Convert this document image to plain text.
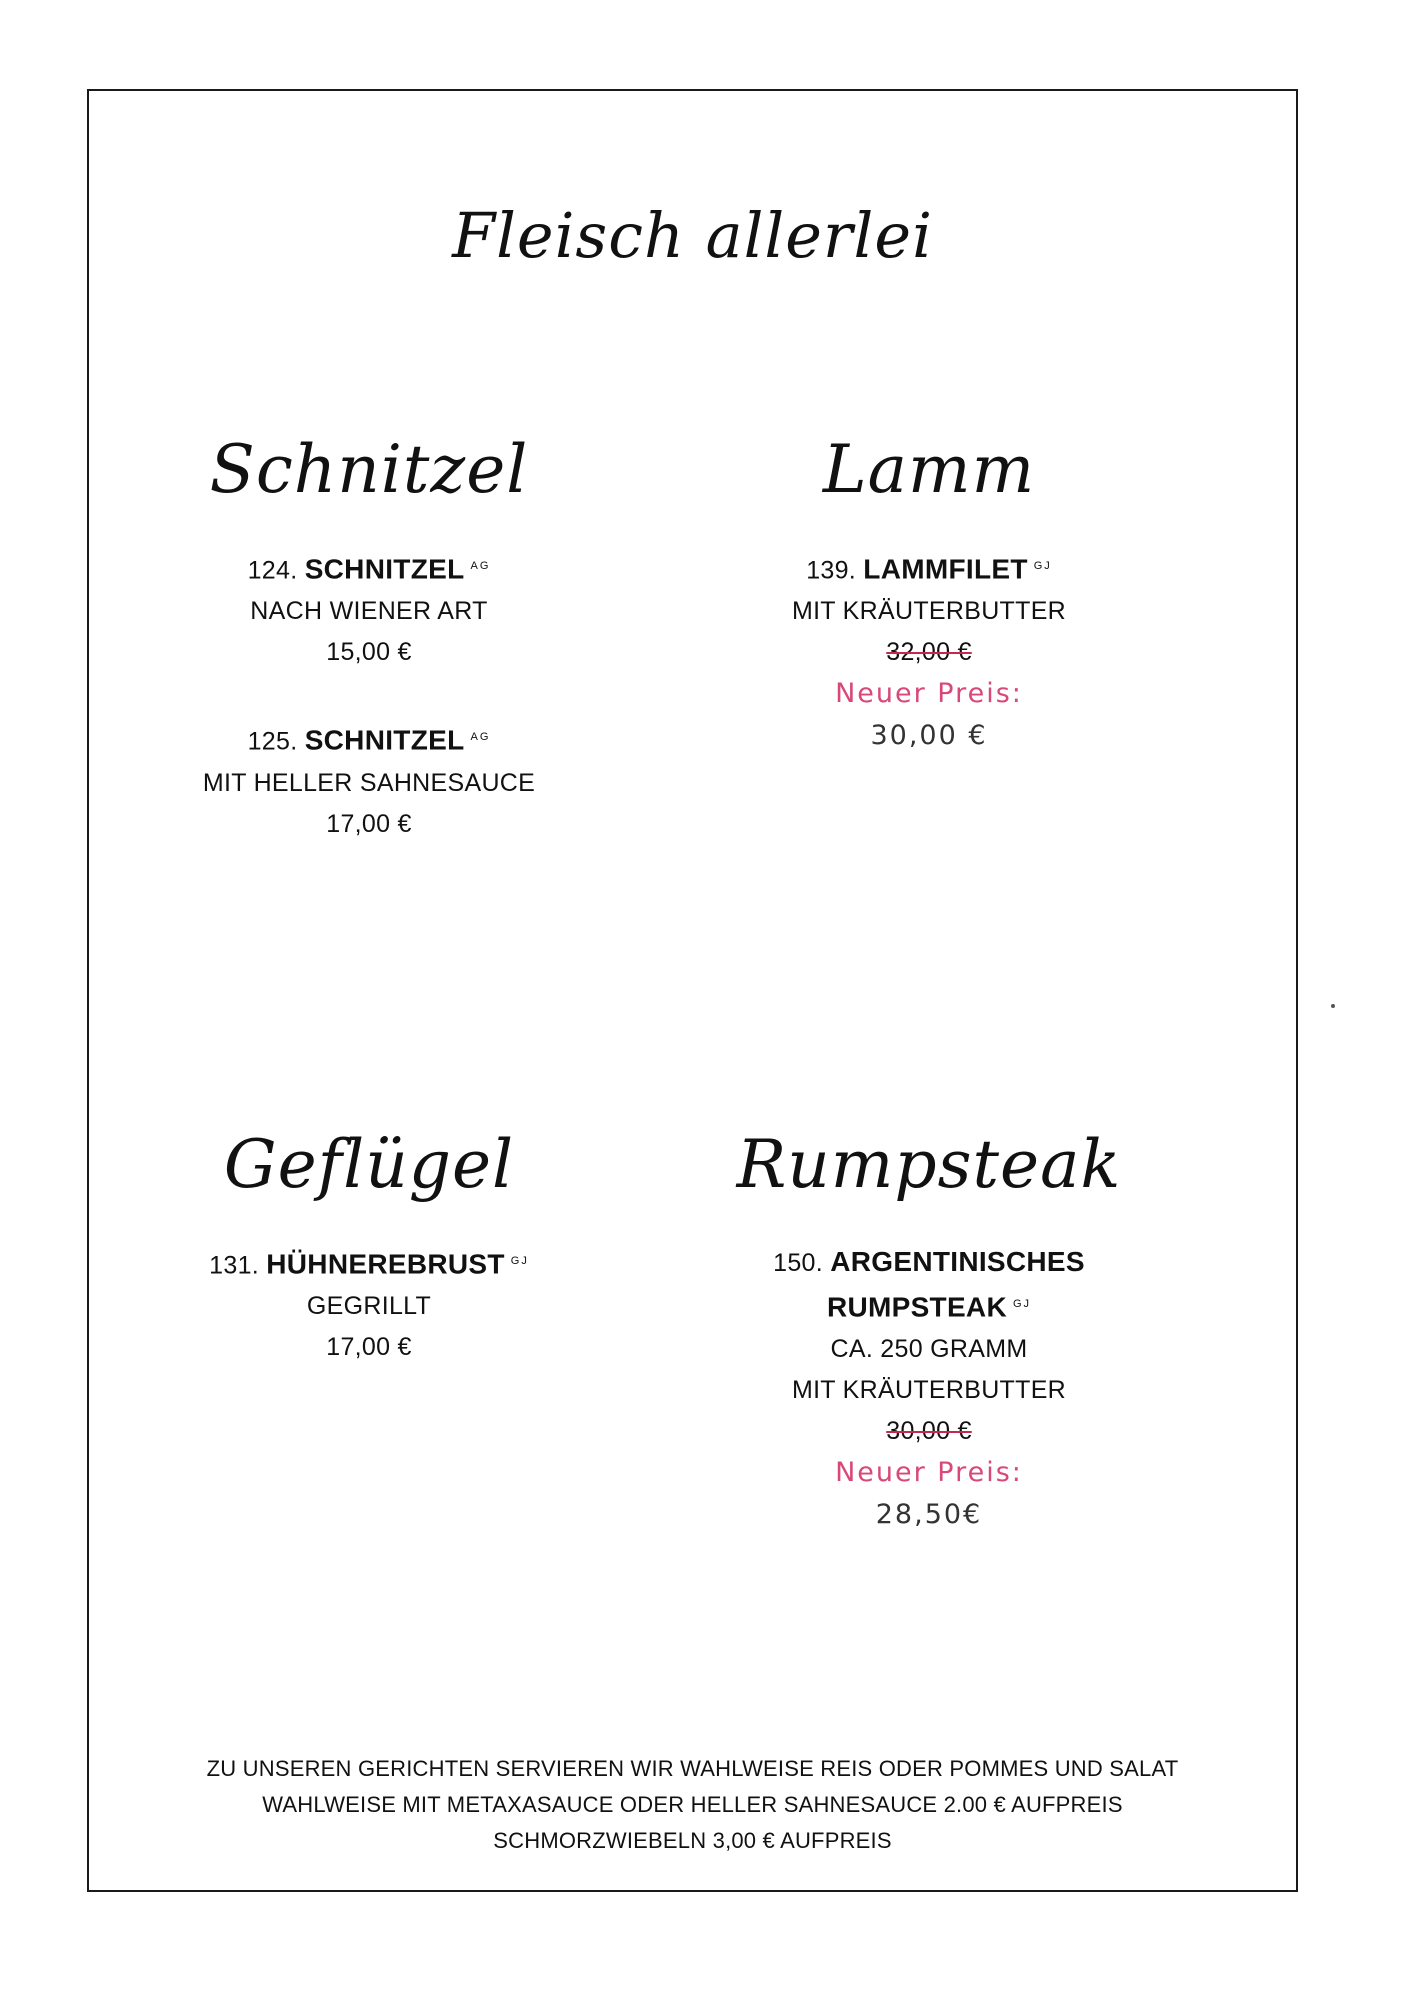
Fleisch allerlei
Schnitzel
124. SCHNITZEL $^{AG}$
NACH WIENER ART
15,00 €
125. SCHNITZEL $^{AG}$
MIT HELLER SAHNESAUCE
17,00 €
Lamm
139. LAMMFILET $^{GJ}$
MIT KRÄUTERBUTTER
32,00 €
Neuer Preis:
30,00 €
Geflügel
131. HÜHNEREBRUST $^{GJ}$
GEGRILLT
17,00 €
Rumpsteak
150. ARGENTINISCHES
RUMPSTEAK $^{GJ}$
CA. 250 GRAMM
MIT KRÄUTERBUTTER
30,00 €
Neuer Preis:
28,50€
ZU UNSEREN GERICHTEN SERVIEREN WIR WAHLWEISE REIS ODER POMMES UND SALAT
WAHLWEISE MIT METAXASAUCE ODER HELLER SAHNESAUCE 2.00 € AUFPREIS
SCHMORZWIEBELN 3,00 € AUFPREIS
